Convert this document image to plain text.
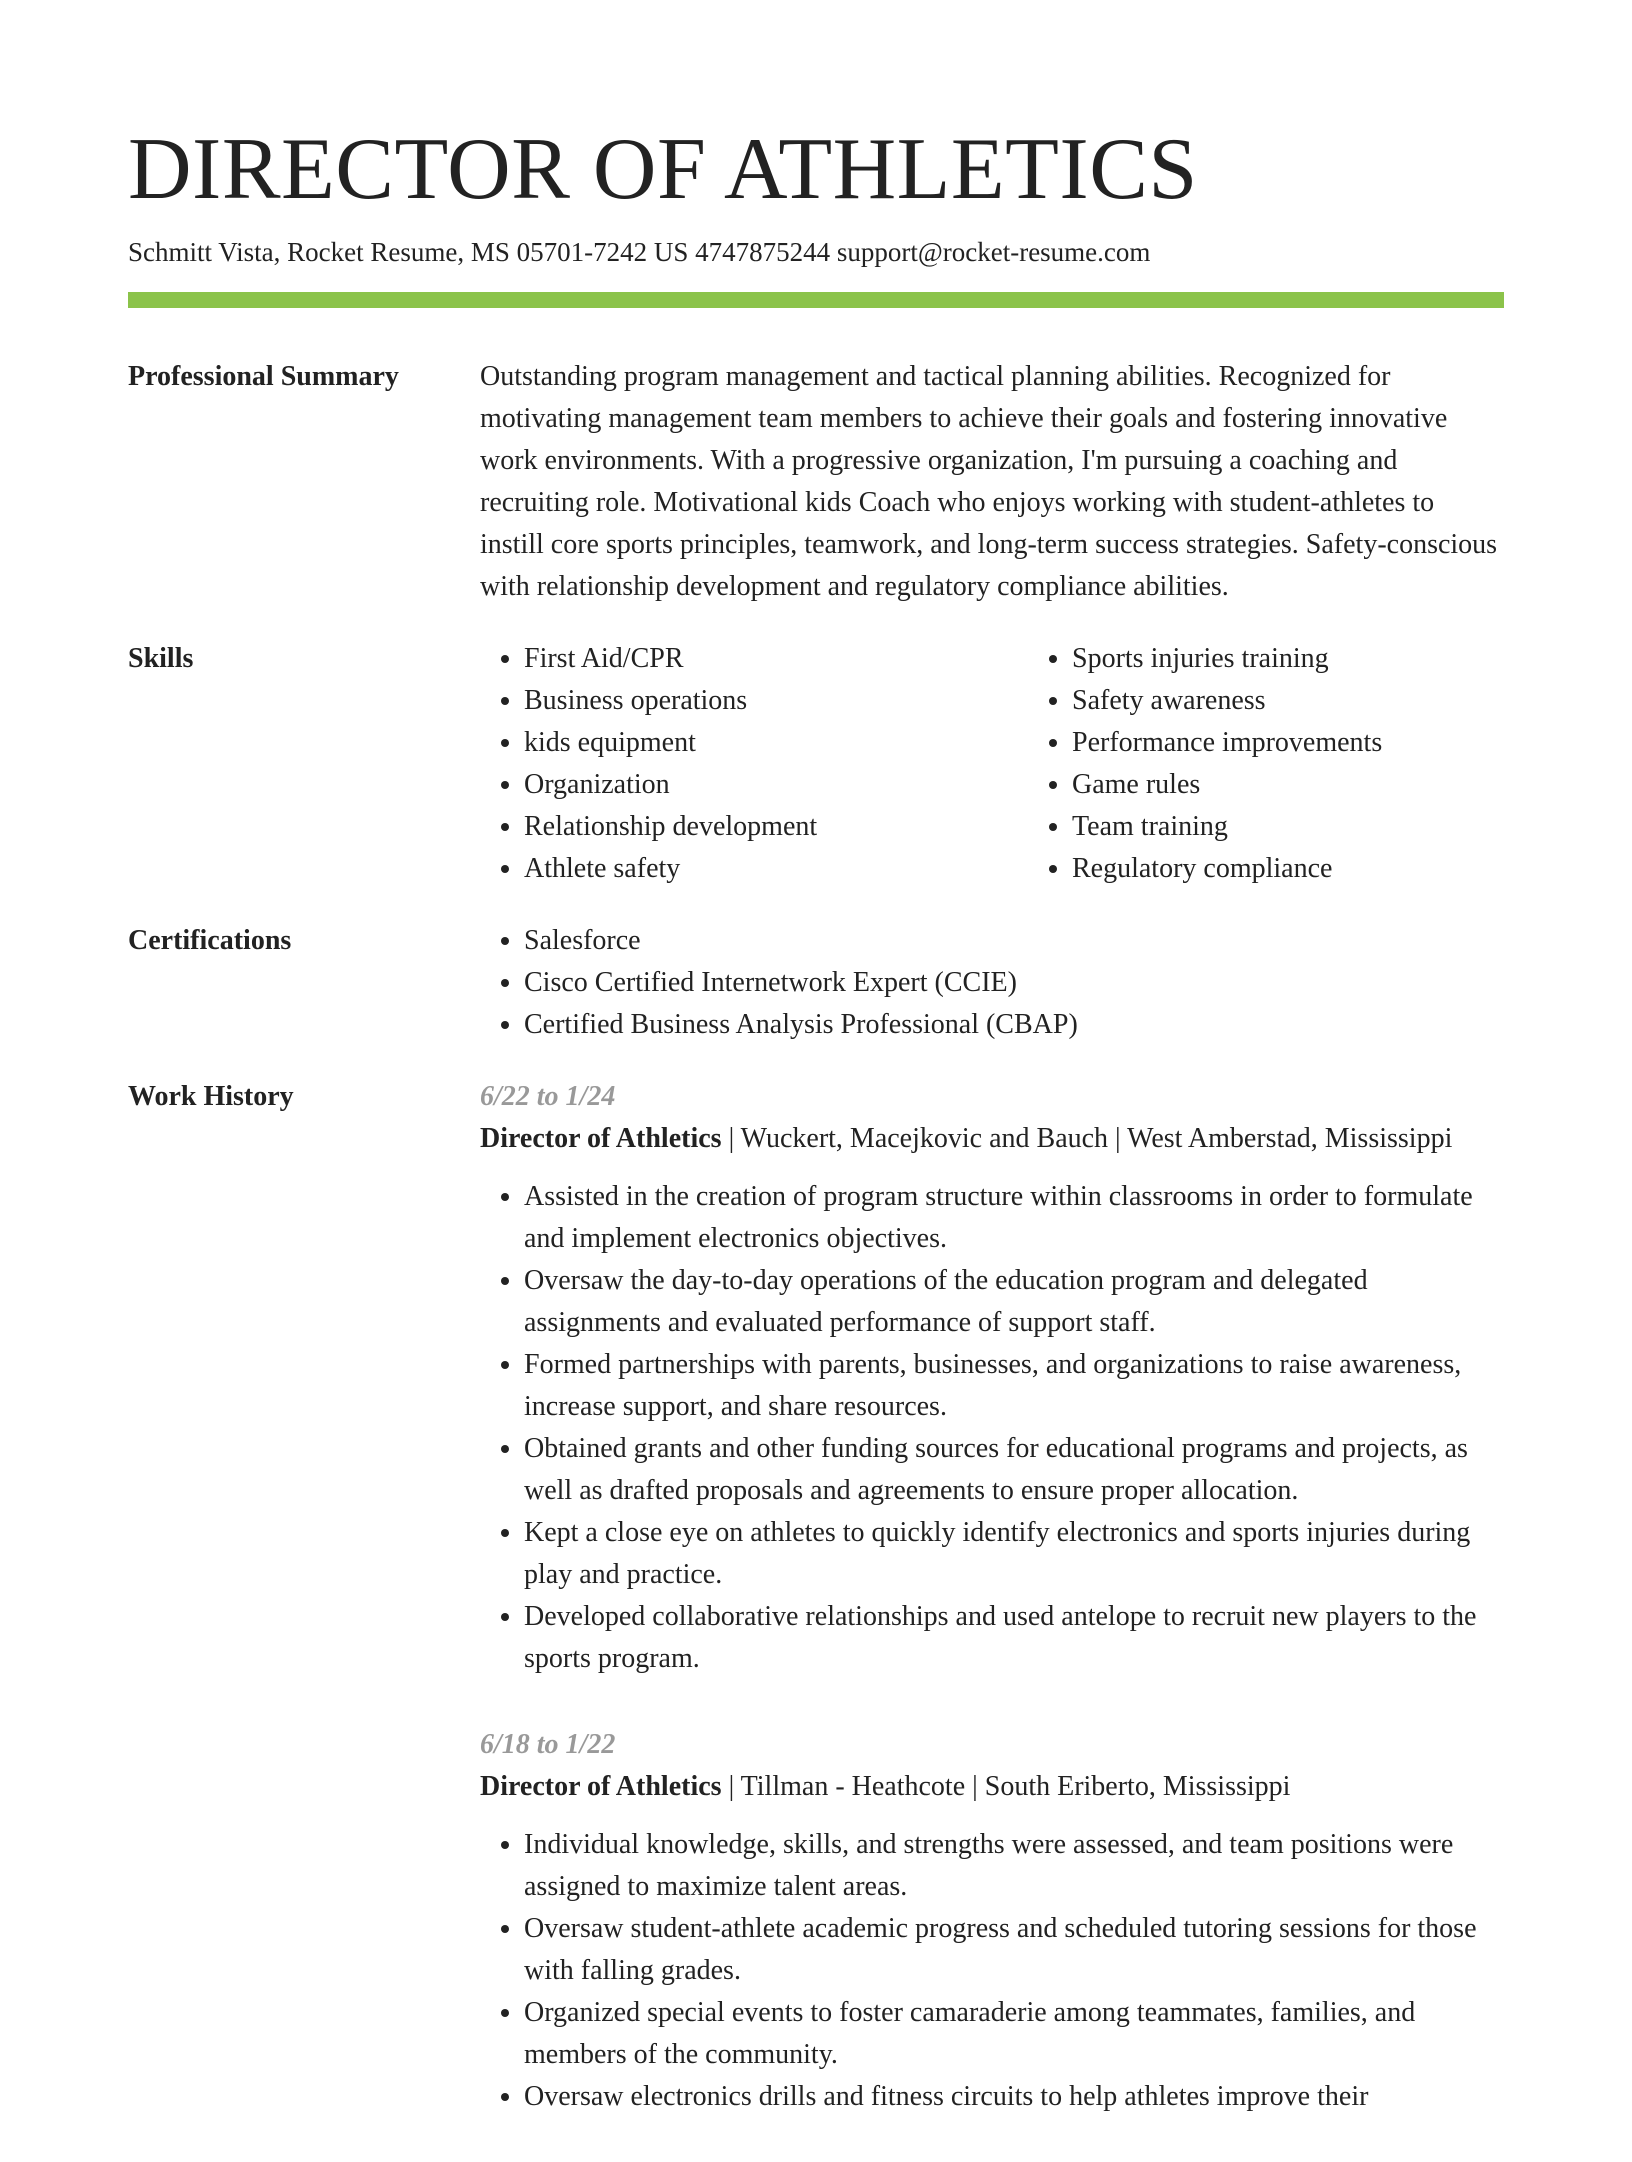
DIRECTOR OF ATHLETICS
Schmitt Vista, Rocket Resume, MS 05701-7242 US 4747875244 support@rocket-resume.com
Professional Summary	Outstanding program management and tactical planning abilities. Recognized for motivating management team members to achieve their goals and fostering innovative work environments. With a progressive organization, I'm pursuing a coaching and recruiting role. Motivational kids Coach who enjoys working with student-athletes to instill core sports principles, teamwork, and long-term success strategies. Safety-conscious with relationship development and regulatory compliance abilities.

Skills	• First Aid/CPR
• Business operations
• kids equipment
• Organization
• Relationship development
• Athlete safety
• Sports injuries training
• Safety awareness
• Performance improvements
• Game rules
• Team training
• Regulatory compliance
Certifications	• Salesforce
• Cisco Certified Internetwork Expert (CCIE)
• Certified Business Analysis Professional (CBAP)
Work History	6/22 to 1/24
Director of Athletics | Wuckert, Macejkovic and Bauch | West Amberstad, Mississippi
• Assisted in the creation of program structure within classrooms in order to formulate and implement electronics objectives.
• Oversaw the day-to-day operations of the education program and delegated assignments and evaluated performance of support staff.
• Formed partnerships with parents, businesses, and organizations to raise awareness, increase support, and share resources.
• Obtained grants and other funding sources for educational programs and projects, as well as drafted proposals and agreements to ensure proper allocation.
• Kept a close eye on athletes to quickly identify electronics and sports injuries during play and practice.
• Developed collaborative relationships and used antelope to recruit new players to the sports program.
6/18 to 1/22
Director of Athletics | Tillman - Heathcote | South Eriberto, Mississippi
• Individual knowledge, skills, and strengths were assessed, and team positions were assigned to maximize talent areas.
• Oversaw student-athlete academic progress and scheduled tutoring sessions for those with falling grades.
• Organized special events to foster camaraderie among teammates, families, and members of the community.
• Oversaw electronics drills and fitness circuits to help athletes improve their
